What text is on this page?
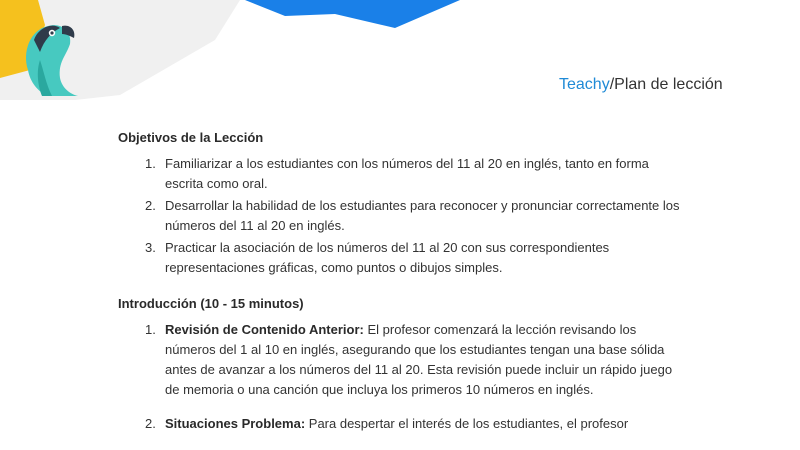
Teachy/Plan de lección
Objetivos de la Lección
1. Familiarizar a los estudiantes con los números del 11 al 20 en inglés, tanto en forma escrita como oral.
2. Desarrollar la habilidad de los estudiantes para reconocer y pronunciar correctamente los números del 11 al 20 en inglés.
3. Practicar la asociación de los números del 11 al 20 con sus correspondientes representaciones gráficas, como puntos o dibujos simples.
Introducción (10 - 15 minutos)
1. Revisión de Contenido Anterior: El profesor comenzará la lección revisando los números del 1 al 10 en inglés, asegurando que los estudiantes tengan una base sólida antes de avanzar a los números del 11 al 20. Esta revisión puede incluir un rápido juego de memoria o una canción que incluya los primeros 10 números en inglés.
2. Situaciones Problema: Para despertar el interés de los estudiantes, el profesor
